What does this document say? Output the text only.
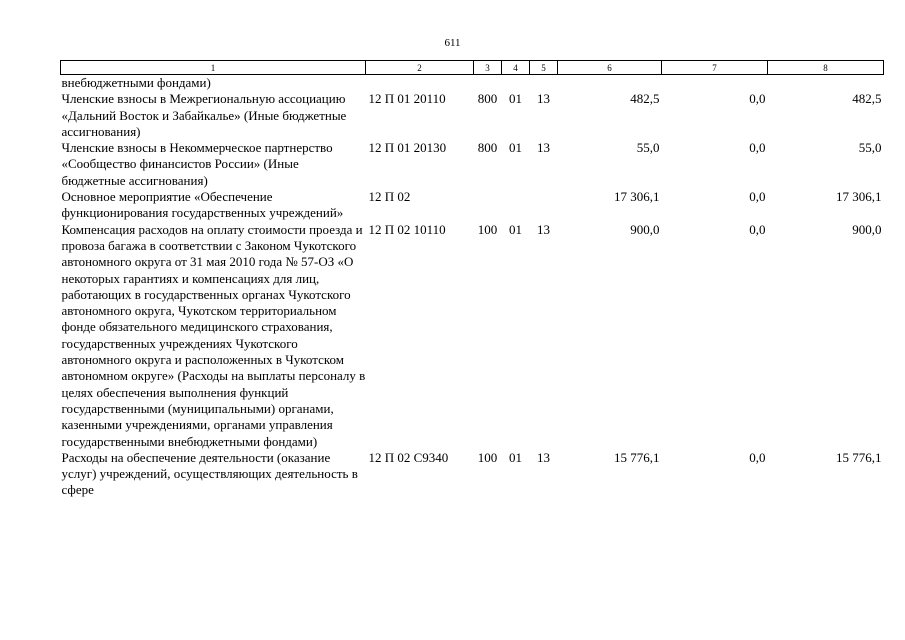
611
1	2	3	4	5	6	7	8
внебюджетными фондами)							
Членские взносы в Межрегиональную ассоциацию «Дальний Восток и Забайкалье» (Иные бюджетные ассигнования)	12 П 01 20110	800	01	13	482,5	0,0	482,5
Членские взносы в Некоммерческое партнерство «Сообщество финансистов России» (Иные бюджетные ассигнования)	12 П 01 20130	800	01	13	55,0	0,0	55,0
Основное мероприятие «Обеспечение функционирования государственных учреждений»	12 П 02				17 306,1	0,0	17 306,1
Компенсация расходов на оплату стоимости проезда и провоза багажа в соответствии с Законом Чукотского автономного округа от 31 мая 2010 года № 57-ОЗ «О некоторых гарантиях и компенсациях для лиц, работающих в государственных органах Чукотского автономного округа, Чукотском территориальном фонде обязательного медицинского страхования, государственных учреждениях Чукотского автономного округа и расположенных в Чукотском автономном округе» (Расходы на выплаты персоналу в целях обеспечения выполнения функций государственными (муниципальными) органами, казенными учреждениями, органами управления государственными внебюджетными фондами)	12 П 02 10110	100	01	13	900,0	0,0	900,0
Расходы на обеспечение деятельности (оказание услуг) учреждений, осуществляющих деятельность в сфере	12 П 02 С9340	100	01	13	15 776,1	0,0	15 776,1
